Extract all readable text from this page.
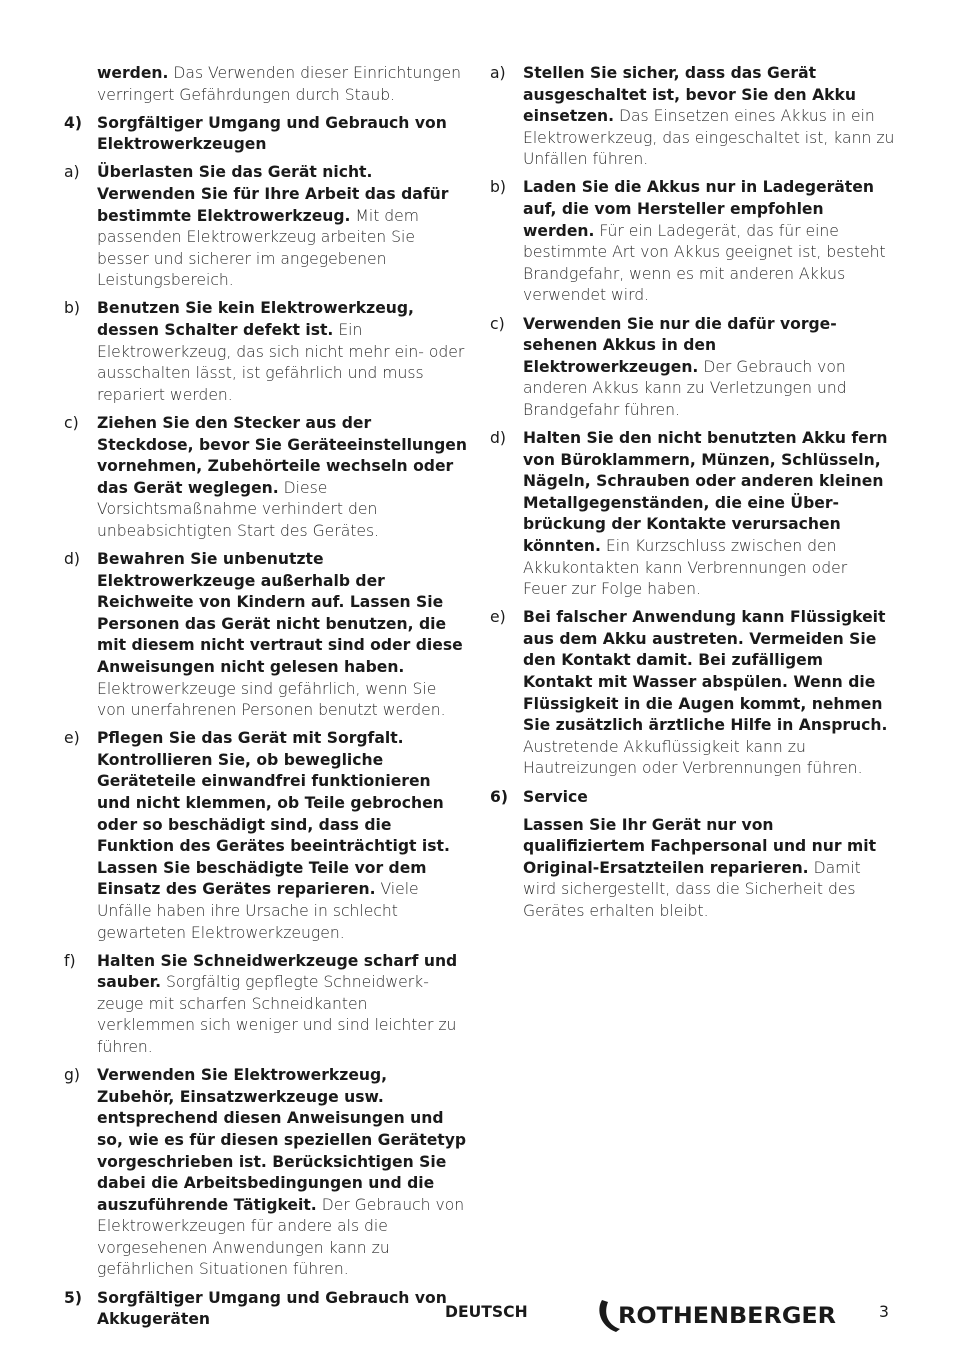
werden. Das Verwenden dieser Einrichtungen verringert Gefährdungen durch Staub.
4) Sorgfältiger Umgang und Gebrauch von Elektrowerkzeugen
a) Überlasten Sie das Gerät nicht. Verwenden Sie für Ihre Arbeit das dafür bestimmte Elektrowerkzeug. Mit dem passenden Elektrowerkzeug arbeiten Sie besser und sicherer im angegebenen Leistungsbereich.
b) Benutzen Sie kein Elektrowerkzeug, dessen Schalter defekt ist. Ein Elektrowerkzeug, das sich nicht mehr ein- oder ausschalten lässt, ist gefährlich und muss repariert werden.
c) Ziehen Sie den Stecker aus der Steckdose, bevor Sie Geräteeinstellungen vornehmen, Zubehörteile wechseln oder das Gerät weglegen. Diese Vorsichtsmaßnahme verhindert den unbeabsichtigten Start des Gerätes.
d) Bewahren Sie unbenutzte Elektrowerkzeuge außerhalb der Reichweite von Kindern auf. Lassen Sie Personen das Gerät nicht benutzen, die mit diesem nicht vertraut sind oder diese Anweisungen nicht gelesen haben. Elektrowerkzeuge sind gefährlich, wenn Sie von unerfahrenen Personen benutzt werden.
e) Pflegen Sie das Gerät mit Sorgfalt. Kontrollieren Sie, ob bewegliche Geräteteile einwandfrei funktionieren und nicht klemmen, ob Teile gebrochen oder so beschädigt sind, dass die Funktion des Gerätes beeinträchtigt ist. Lassen Sie beschädigte Teile vor dem Einsatz des Gerätes reparieren. Viele Unfälle haben ihre Ursache in schlecht gewarteten Elektrowerkzeugen.
f) Halten Sie Schneidwerkzeuge scharf und sauber. Sorgfältig gepflegte Schneidwerkzeuge mit scharfen Schneidkanten verklemmen sich weniger und sind leichter zu führen.
g) Verwenden Sie Elektrowerkzeug, Zubehör, Einsatzwerkzeuge usw. entsprechend diesen Anweisungen und so, wie es für diesen speziellen Gerätetyp vorgeschrieben ist. Berücksichtigen Sie dabei die Arbeitsbedingungen und die auszuführende Tätigkeit. Der Gebrauch von Elektrowerkzeugen für andere als die vorgesehenen Anwendungen kann zu gefährlichen Situationen führen.
5) Sorgfältiger Umgang und Gebrauch von Akkugeräten
a) Stellen Sie sicher, dass das Gerät ausgeschaltet ist, bevor Sie den Akku einsetzen. Das Einsetzen eines Akkus in ein Elektrowerkzeug, das eingeschaltet ist, kann zu Unfällen führen.
b) Laden Sie die Akkus nur in Ladegeräten auf, die vom Hersteller empfohlen werden. Für ein Ladegerät, das für eine bestimmte Art von Akkus geeignet ist, besteht Brandgefahr, wenn es mit anderen Akkus verwendet wird.
c) Verwenden Sie nur die dafür vorgesehenen Akkus in den Elektrowerkzeugen. Der Gebrauch von anderen Akkus kann zu Verletzungen und Brandgefahr führen.
d) Halten Sie den nicht benutzten Akku fern von Büroklammern, Münzen, Schlüsseln, Nägeln, Schrauben oder anderen kleinen Metallgegenständen, die eine Überbrückung der Kontakte verursachen könnten. Ein Kurzschluss zwischen den Akkukontakten kann Verbrennungen oder Feuer zur Folge haben.
e) Bei falscher Anwendung kann Flüssigkeit aus dem Akku austreten. Vermeiden Sie den Kontakt damit. Bei zufälligem Kontakt mit Wasser abspülen. Wenn die Flüssigkeit in die Augen kommt, nehmen Sie zusätzlich ärztliche Hilfe in Anspruch. Austretende Akkuflüssigkeit kann zu Hautreizungen oder Verbrennungen führen.
6) Service
Lassen Sie Ihr Gerät nur von qualifiziertem Fachpersonal und nur mit Original-Ersatzteilen reparieren. Damit wird sichergestellt, dass die Sicherheit des Gerätes erhalten bleibt.
DEUTSCH	ROTHENBERGER	3
